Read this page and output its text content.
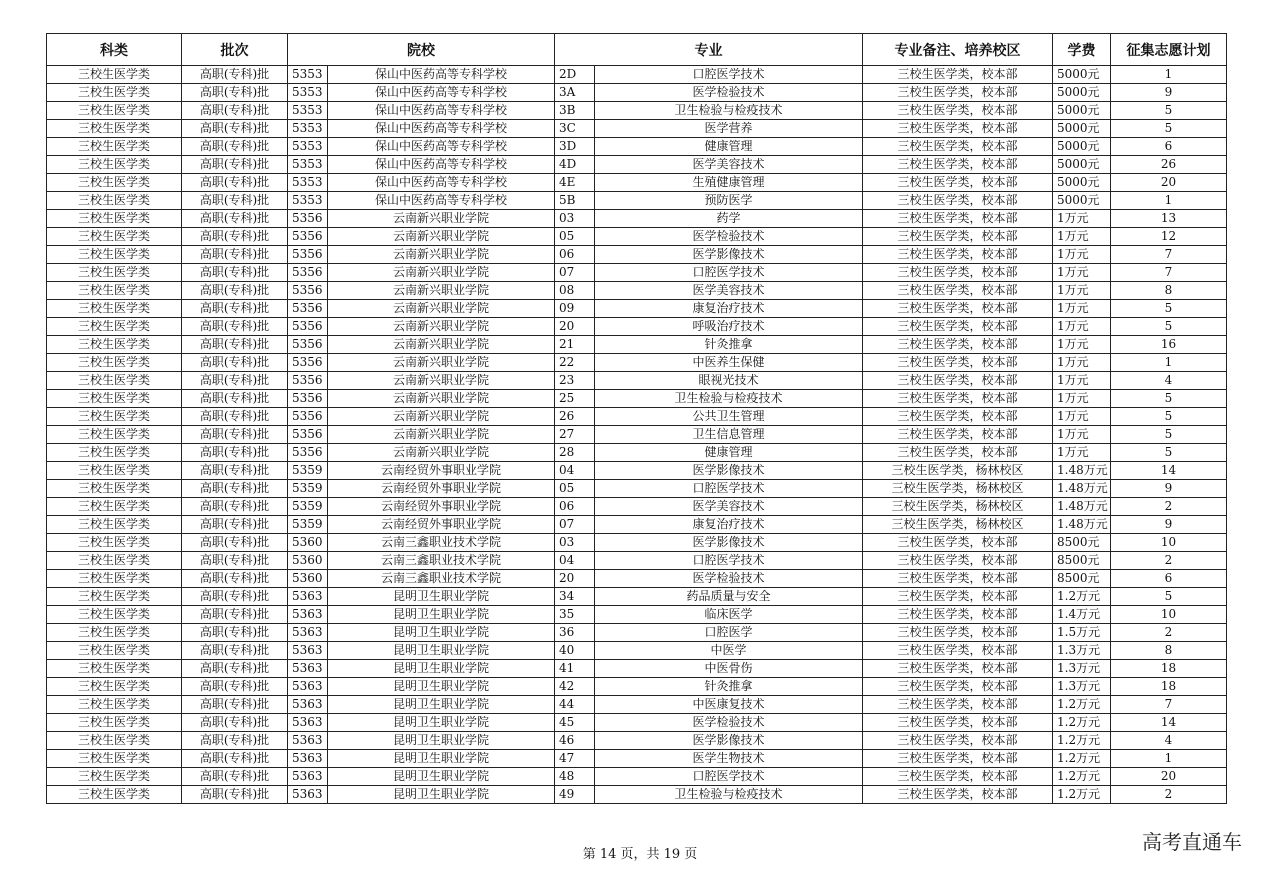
科类	批次	院校		专业		专业备注、培养校区	学费	征集志愿计划
三校生医学类	高职(专科)批	5353	保山中医药高等专科学校	2D	口腔医学技术	三校生医学类，校本部	5000元	1
三校生医学类	高职(专科)批	5353	保山中医药高等专科学校	3A	医学检验技术	三校生医学类，校本部	5000元	9
三校生医学类	高职(专科)批	5353	保山中医药高等专科学校	3B	卫生检验与检疫技术	三校生医学类，校本部	5000元	5
三校生医学类	高职(专科)批	5353	保山中医药高等专科学校	3C	医学营养	三校生医学类，校本部	5000元	5
三校生医学类	高职(专科)批	5353	保山中医药高等专科学校	3D	健康管理	三校生医学类，校本部	5000元	6
三校生医学类	高职(专科)批	5353	保山中医药高等专科学校	4D	医学美容技术	三校生医学类，校本部	5000元	26
三校生医学类	高职(专科)批	5353	保山中医药高等专科学校	4E	生殖健康管理	三校生医学类，校本部	5000元	20
三校生医学类	高职(专科)批	5353	保山中医药高等专科学校	5B	预防医学	三校生医学类，校本部	5000元	1
三校生医学类	高职(专科)批	5356	云南新兴职业学院	03	药学	三校生医学类，校本部	1万元	13
三校生医学类	高职(专科)批	5356	云南新兴职业学院	05	医学检验技术	三校生医学类，校本部	1万元	12
三校生医学类	高职(专科)批	5356	云南新兴职业学院	06	医学影像技术	三校生医学类，校本部	1万元	7
三校生医学类	高职(专科)批	5356	云南新兴职业学院	07	口腔医学技术	三校生医学类，校本部	1万元	7
三校生医学类	高职(专科)批	5356	云南新兴职业学院	08	医学美容技术	三校生医学类，校本部	1万元	8
三校生医学类	高职(专科)批	5356	云南新兴职业学院	09	康复治疗技术	三校生医学类，校本部	1万元	5
三校生医学类	高职(专科)批	5356	云南新兴职业学院	20	呼吸治疗技术	三校生医学类，校本部	1万元	5
三校生医学类	高职(专科)批	5356	云南新兴职业学院	21	针灸推拿	三校生医学类，校本部	1万元	16
三校生医学类	高职(专科)批	5356	云南新兴职业学院	22	中医养生保健	三校生医学类，校本部	1万元	1
三校生医学类	高职(专科)批	5356	云南新兴职业学院	23	眼视光技术	三校生医学类，校本部	1万元	4
三校生医学类	高职(专科)批	5356	云南新兴职业学院	25	卫生检验与检疫技术	三校生医学类，校本部	1万元	5
三校生医学类	高职(专科)批	5356	云南新兴职业学院	26	公共卫生管理	三校生医学类，校本部	1万元	5
三校生医学类	高职(专科)批	5356	云南新兴职业学院	27	卫生信息管理	三校生医学类，校本部	1万元	5
三校生医学类	高职(专科)批	5356	云南新兴职业学院	28	健康管理	三校生医学类，校本部	1万元	5
三校生医学类	高职(专科)批	5359	云南经贸外事职业学院	04	医学影像技术	三校生医学类，杨林校区	1.48万元	14
三校生医学类	高职(专科)批	5359	云南经贸外事职业学院	05	口腔医学技术	三校生医学类，杨林校区	1.48万元	9
三校生医学类	高职(专科)批	5359	云南经贸外事职业学院	06	医学美容技术	三校生医学类，杨林校区	1.48万元	2
三校生医学类	高职(专科)批	5359	云南经贸外事职业学院	07	康复治疗技术	三校生医学类，杨林校区	1.48万元	9
三校生医学类	高职(专科)批	5360	云南三鑫职业技术学院	03	医学影像技术	三校生医学类，校本部	8500元	10
三校生医学类	高职(专科)批	5360	云南三鑫职业技术学院	04	口腔医学技术	三校生医学类，校本部	8500元	2
三校生医学类	高职(专科)批	5360	云南三鑫职业技术学院	20	医学检验技术	三校生医学类，校本部	8500元	6
三校生医学类	高职(专科)批	5363	昆明卫生职业学院	34	药品质量与安全	三校生医学类，校本部	1.2万元	5
三校生医学类	高职(专科)批	5363	昆明卫生职业学院	35	临床医学	三校生医学类，校本部	1.4万元	10
三校生医学类	高职(专科)批	5363	昆明卫生职业学院	36	口腔医学	三校生医学类，校本部	1.5万元	2
三校生医学类	高职(专科)批	5363	昆明卫生职业学院	40	中医学	三校生医学类，校本部	1.3万元	8
三校生医学类	高职(专科)批	5363	昆明卫生职业学院	41	中医骨伤	三校生医学类，校本部	1.3万元	18
三校生医学类	高职(专科)批	5363	昆明卫生职业学院	42	针灸推拿	三校生医学类，校本部	1.3万元	18
三校生医学类	高职(专科)批	5363	昆明卫生职业学院	44	中医康复技术	三校生医学类，校本部	1.2万元	7
三校生医学类	高职(专科)批	5363	昆明卫生职业学院	45	医学检验技术	三校生医学类，校本部	1.2万元	14
三校生医学类	高职(专科)批	5363	昆明卫生职业学院	46	医学影像技术	三校生医学类，校本部	1.2万元	4
三校生医学类	高职(专科)批	5363	昆明卫生职业学院	47	医学生物技术	三校生医学类，校本部	1.2万元	1
三校生医学类	高职(专科)批	5363	昆明卫生职业学院	48	口腔医学技术	三校生医学类，校本部	1.2万元	20
三校生医学类	高职(专科)批	5363	昆明卫生职业学院	49	卫生检验与检疫技术	三校生医学类，校本部	1.2万元	2
第 14 页，共 19 页
高考直通车
